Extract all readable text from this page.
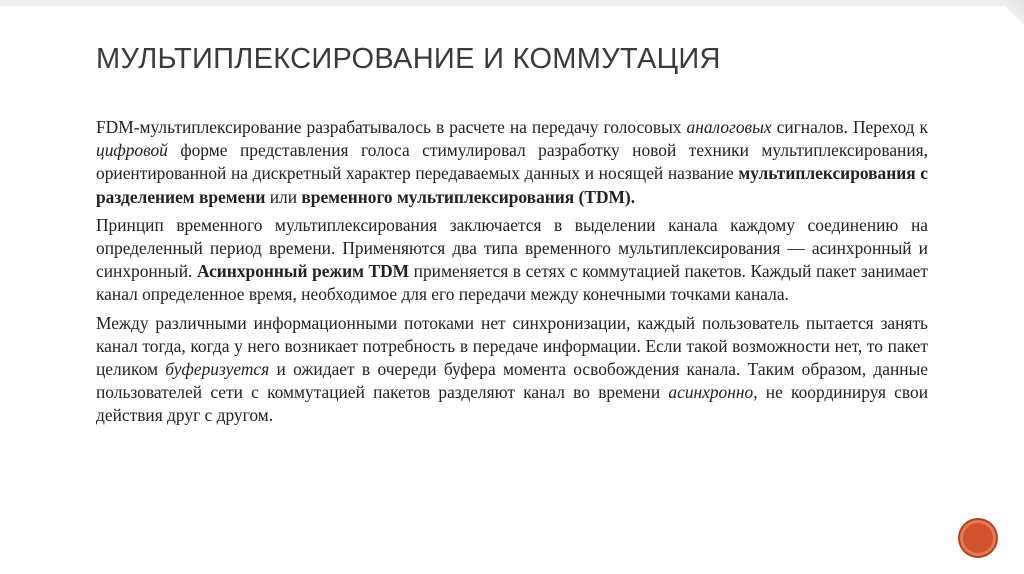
МУЛЬТИПЛЕКСИРОВАНИЕ И КОММУТАЦИЯ

FDM-мультиплексирование разрабатывалось в расчете на передачу голосовых аналоговых сигналов. Переход к цифровой форме представления голоса стимулировал разработку новой техники мультиплексирования, ориентированной на дискретный характер передаваемых данных и носящей название мультиплексирования с разделением времени или временного мультиплексирования (TDM).

Принцип временного мультиплексирования заключается в выделении канала каждому соединению на определенный период времени. Применяются два типа временного мультиплексирования — асинхронный и синхронный. Асинхронный режим TDM применяется в сетях с коммутацией пакетов. Каждый пакет занимает канал определенное время, необходимое для его передачи между конечными точками канала.

Между различными информационными потоками нет синхронизации, каждый пользователь пытается занять канал тогда, когда у него возникает потребность в передаче информации. Если такой возможности нет, то пакет целиком буферизуется и ожидает в очереди буфера момента освобождения канала. Таким образом, данные пользователей сети с коммутацией пакетов разделяют канал во времени асинхронно, не координируя свои действия друг с другом.
